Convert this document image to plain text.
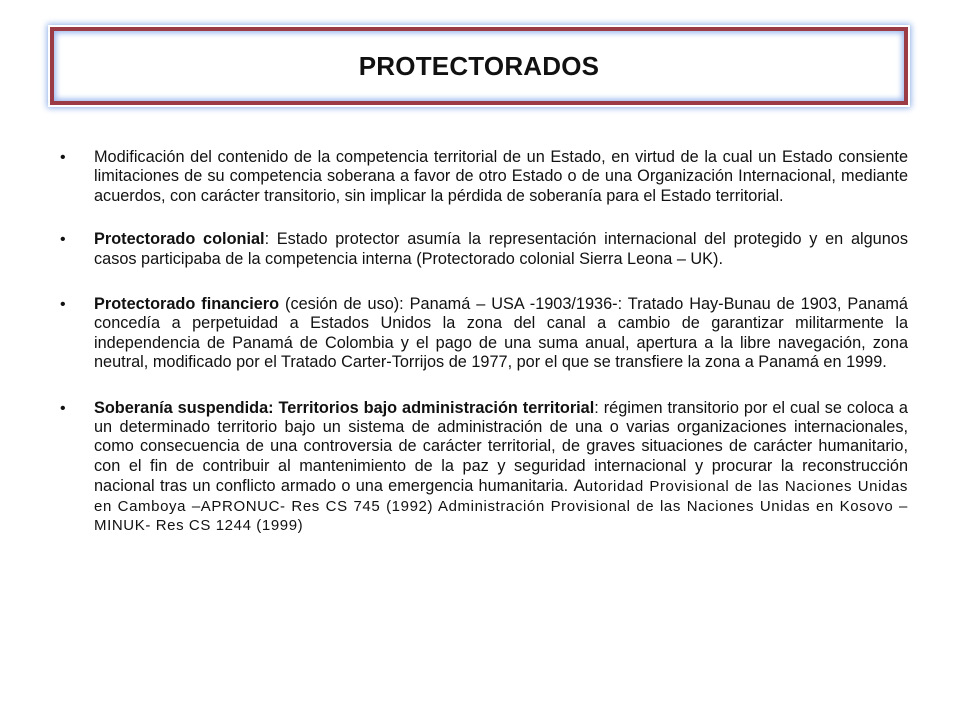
PROTECTORADOS

• Modificación del contenido de la competencia territorial de un Estado, en virtud de la cual un Estado consiente limitaciones de su competencia soberana a favor de otro Estado o de una Organización Internacional, mediante acuerdos, con carácter transitorio, sin implicar la pérdida de soberanía para el Estado territorial.

• Protectorado colonial: Estado protector asumía la representación internacional del protegido y en algunos casos participaba de la competencia interna (Protectorado colonial Sierra Leona – UK).

• Protectorado financiero (cesión de uso): Panamá – USA -1903/1936-: Tratado Hay-Bunau de 1903, Panamá concedía a perpetuidad a Estados Unidos la zona del canal a cambio de garantizar militarmente la independencia de Panamá de Colombia y el pago de una suma anual, apertura a la libre navegación, zona neutral, modificado por el Tratado Carter-Torrijos de 1977, por el que se transfiere la zona a Panamá en 1999.

• Soberanía suspendida: Territorios bajo administración territorial: régimen transitorio por el cual se coloca a un determinado territorio bajo un sistema de administración de una o varias organizaciones internacionales, como consecuencia de una controversia de carácter territorial, de graves situaciones de carácter humanitario, con el fin de contribuir al mantenimiento de la paz y seguridad internacional y procurar la reconstrucción nacional tras un conflicto armado o una emergencia humanitaria. Autoridad Provisional de las Naciones Unidas en Camboya –APRONUC- Res CS 745 (1992) Administración Provisional de las Naciones Unidas en Kosovo –MINUK- Res CS 1244 (1999)
